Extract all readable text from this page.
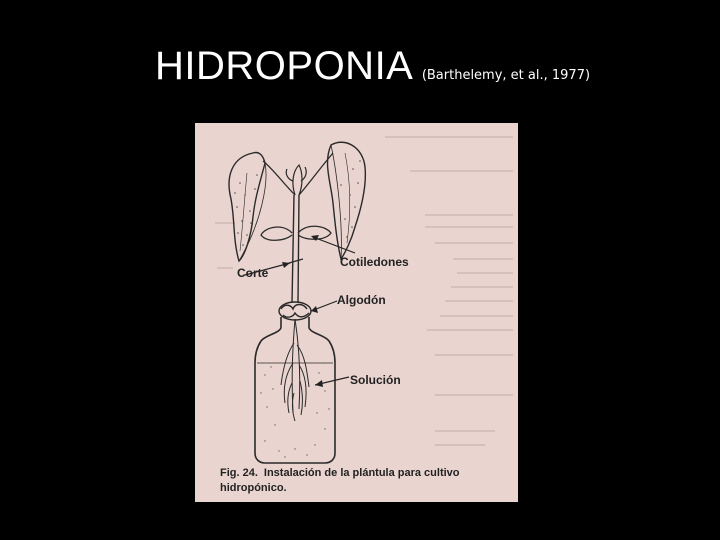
HIDROPONIA (Barthelemy, et al., 1977)
Corte
Cotiledones
Algodón
Solución
Fig. 24. Instalación de la plántula para cultivo hidropónico.
